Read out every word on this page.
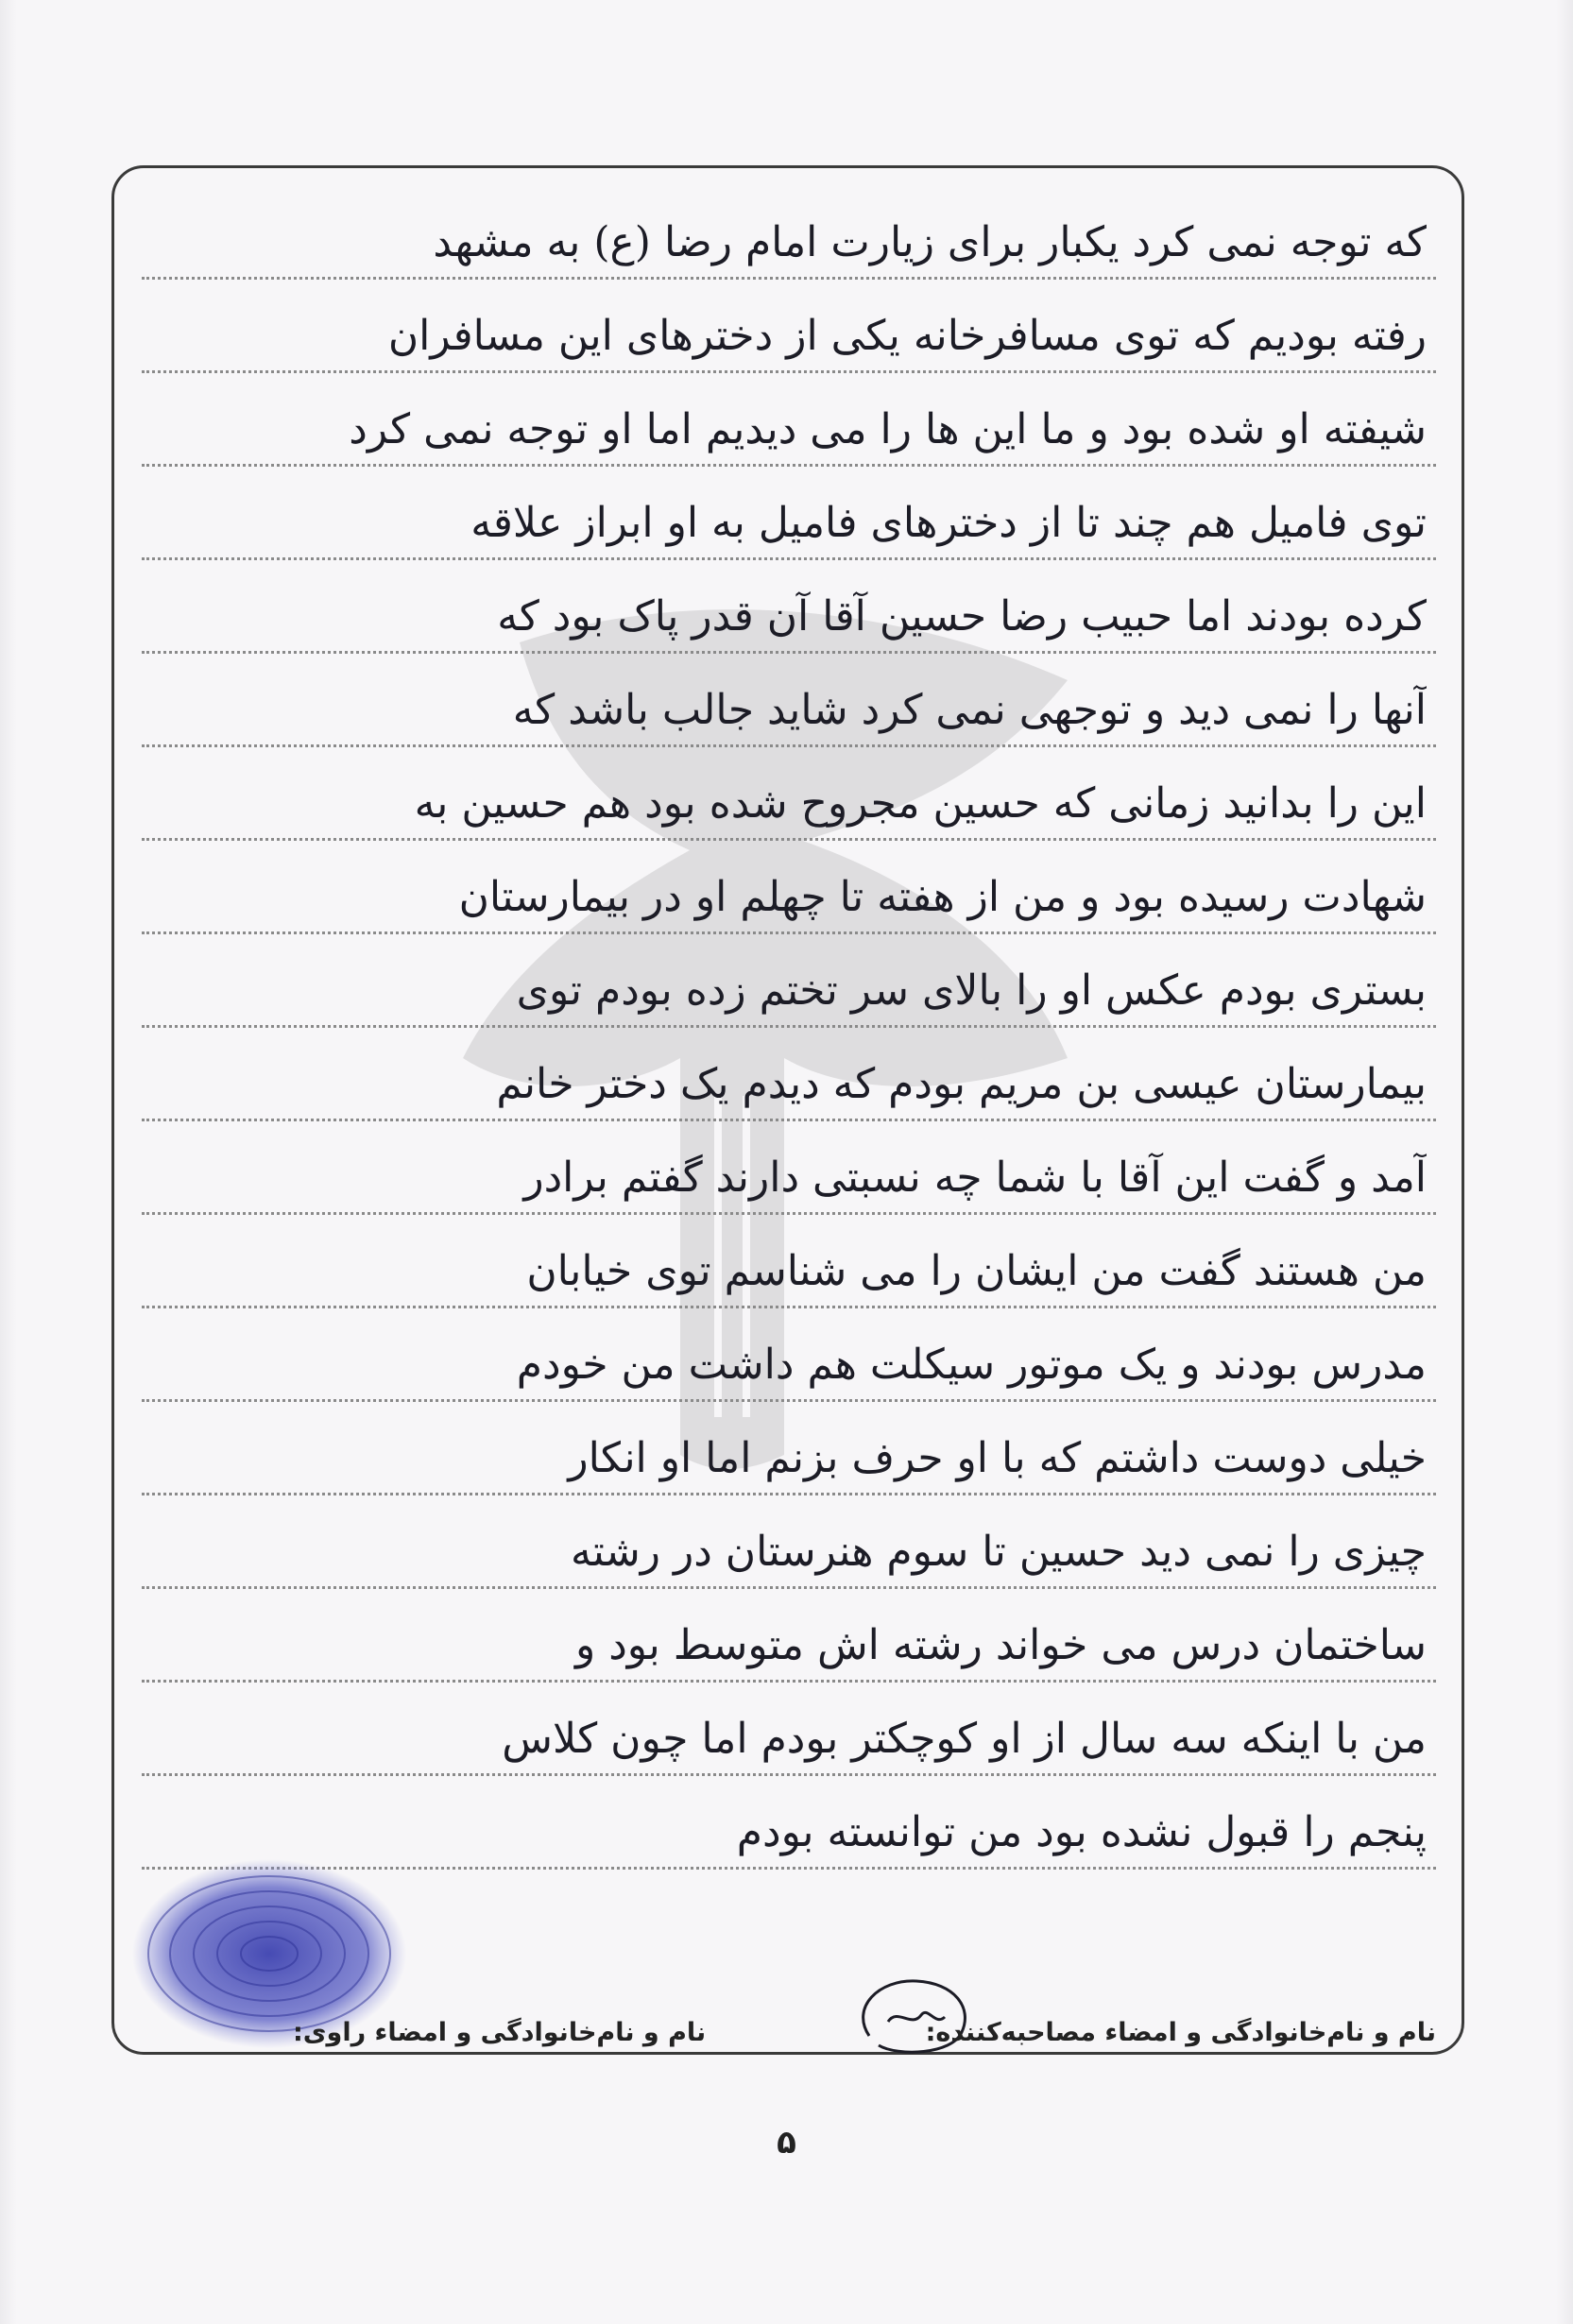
که توجه نمی کرد یکبار برای زیارت امام رضا (ع) به مشهد
رفته بودیم که توی مسافرخانه یکی از دخترهای این مسافران
شیفته او شده بود و ما این ها را می دیدیم اما او توجه نمی کرد
توی فامیل هم چند تا از دخترهای فامیل به او ابراز علاقه
کرده بودند اما حبیب رضا حسین آقا آن قدر پاک بود که
آنها را نمی دید و توجهی نمی کرد شاید جالب باشد که
این را بدانید زمانی که حسین مجروح شده بود هم حسین به
شهادت رسیده بود و من از هفته تا چهلم او در بیمارستان
بستری بودم عکس او را بالای سر تختم زده بودم توی
بیمارستان عیسی بن مریم بودم که دیدم یک دختر خانم
آمد و گفت این آقا با شما چه نسبتی دارند گفتم برادر
من هستند گفت من ایشان را می شناسم توی خیابان
مدرس بودند و یک موتور سیکلت هم داشت من خودم
خیلی دوست داشتم که با او حرف بزنم اما او انکار
چیزی را نمی دید حسین تا سوم هنرستان در رشته
ساختمان درس می خواند رشته اش متوسط بود و
من با اینکه سه سال از او کوچکتر بودم اما چون کلاس
پنجم را قبول نشده بود من توانسته بودم
نام و نام‌خانوادگی و امضاء مصاحبه‌کننده:
نام و نام‌خانوادگی و امضاء راوی:
۵
